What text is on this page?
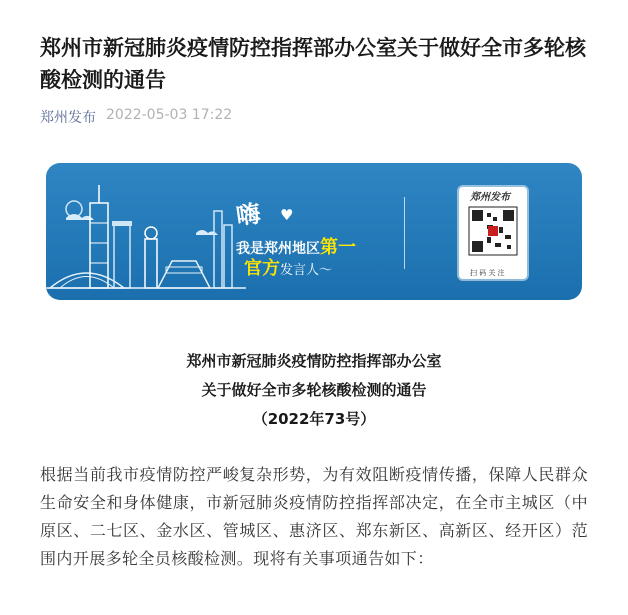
郑州市新冠肺炎疫情防控指挥部办公室关于做好全市多轮核酸检测的通告
郑州发布 2022-05-03 17:22
嗨 ♥
我是郑州地区第一
官方发言人～
郑州发布
扫 码 关 注
郑州市新冠肺炎疫情防控指挥部办公室
关于做好全市多轮核酸检测的通告
（2022年73号）

根据当前我市疫情防控严峻复杂形势，为有效阻断疫情传播，保障人民群众生命安全和身体健康，市新冠肺炎疫情防控指挥部决定，在全市主城区（中原区、二七区、金水区、管城区、惠济区、郑东新区、高新区、经开区）范围内开展多轮全员核酸检测。现将有关事项通告如下：
